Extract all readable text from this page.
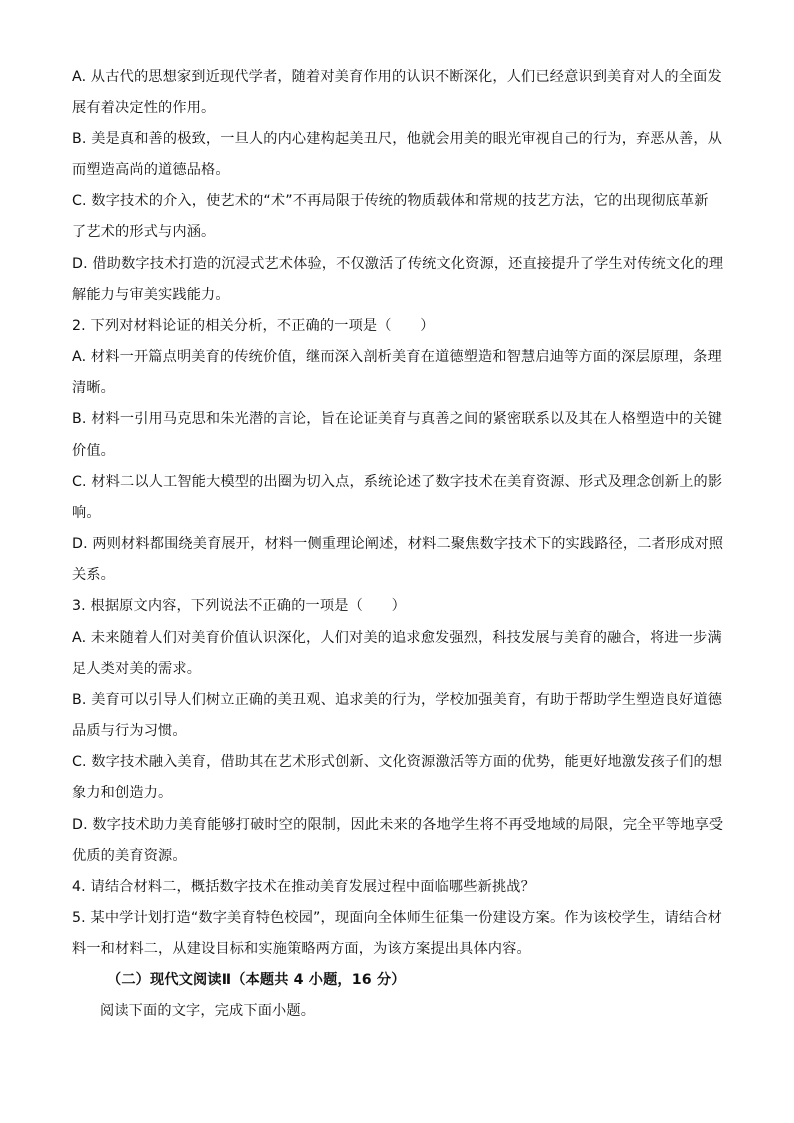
A. 从古代的思想家到近现代学者，随着对美育作用的认识不断深化，人们已经意识到美育对人的全面发
展有着决定性的作用。
B. 美是真和善的极致，一旦人的内心建构起美丑尺，他就会用美的眼光审视自己的行为，弃恶从善，从
而塑造高尚的道德品格。
C. 数字技术的介入，使艺术的“术”不再局限于传统的物质载体和常规的技艺方法，它的出现彻底革新
了艺术的形式与内涵。
D. 借助数字技术打造的沉浸式艺术体验，不仅激活了传统文化资源，还直接提升了学生对传统文化的理
解能力与审美实践能力。
2. 下列对材料论证的相关分析，不正确的一项是（　　）
A. 材料一开篇点明美育的传统价值，继而深入剖析美育在道德塑造和智慧启迪等方面的深层原理，条理
清晰。
B. 材料一引用马克思和朱光潜的言论，旨在论证美育与真善之间的紧密联系以及其在人格塑造中的关键
价值。
C. 材料二以人工智能大模型的出圈为切入点，系统论述了数字技术在美育资源、形式及理念创新上的影
响。
D. 两则材料都围绕美育展开，材料一侧重理论阐述，材料二聚焦数字技术下的实践路径，二者形成对照
关系。
3. 根据原文内容，下列说法不正确的一项是（　　）
A. 未来随着人们对美育价值认识深化，人们对美的追求愈发强烈，科技发展与美育的融合，将进一步满
足人类对美的需求。
B. 美育可以引导人们树立正确的美丑观、追求美的行为，学校加强美育，有助于帮助学生塑造良好道德
品质与行为习惯。
C. 数字技术融入美育，借助其在艺术形式创新、文化资源激活等方面的优势，能更好地激发孩子们的想
象力和创造力。
D. 数字技术助力美育能够打破时空的限制，因此未来的各地学生将不再受地域的局限，完全平等地享受
优质的美育资源。
4. 请结合材料二，概括数字技术在推动美育发展过程中面临哪些新挑战？
5. 某中学计划打造“数字美育特色校园”，现面向全体师生征集一份建设方案。作为该校学生，请结合材
料一和材料二，从建设目标和实施策略两方面，为该方案提出具体内容。
（二）现代文阅读Ⅱ（本题共 4 小题，16 分）
阅读下面的文字，完成下面小题。
